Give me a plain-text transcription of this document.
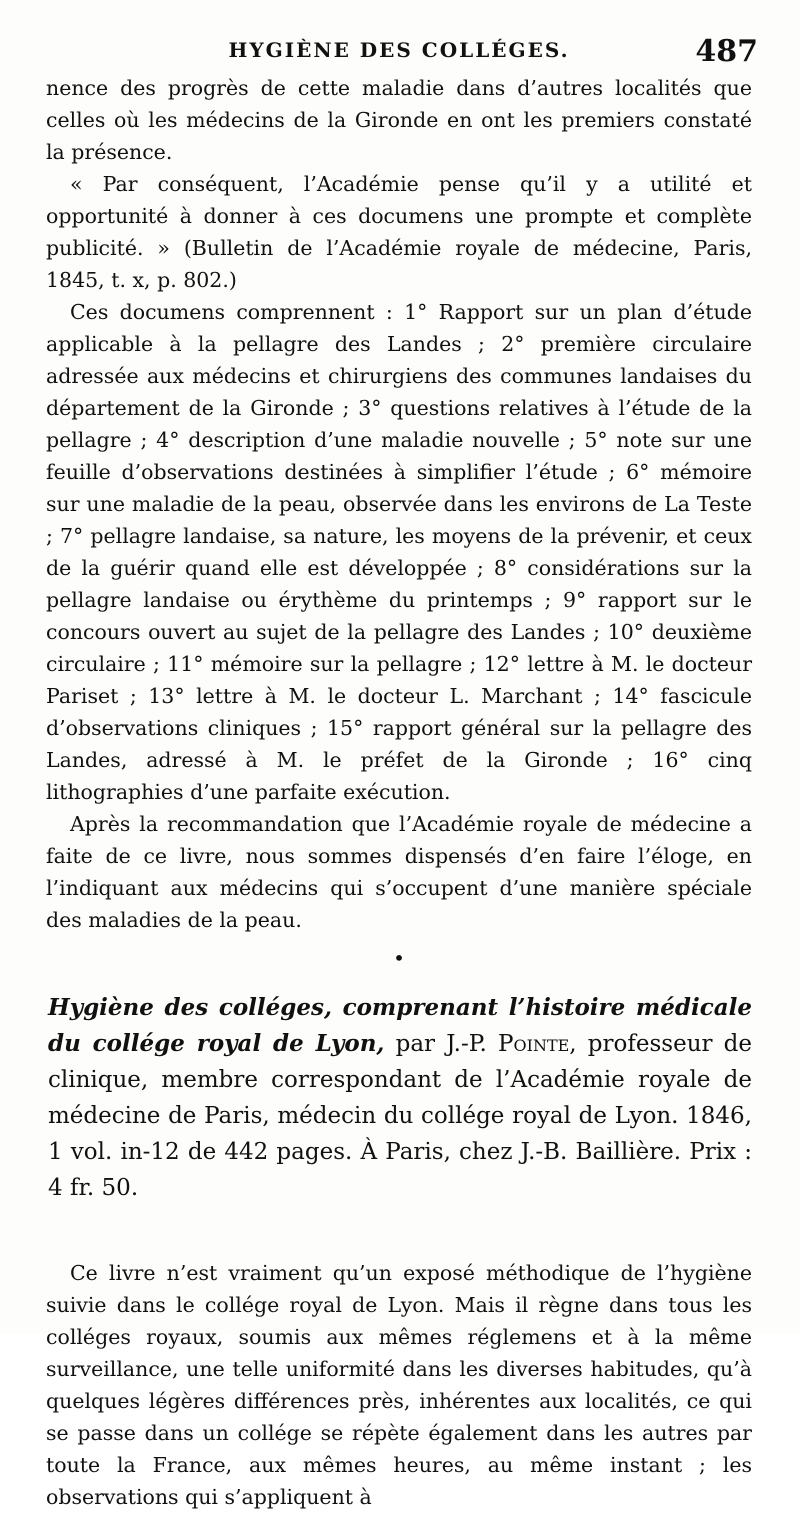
HYGIÈNE DES COLLÉGES.	487

nence des progrès de cette maladie dans d’autres localités que celles où les médecins de la Gironde en ont les premiers constaté la présence.

« Par conséquent, l’Académie pense qu’il y a utilité et opportunité à donner à ces documens une prompte et complète publicité. » (Bulletin de l’Académie royale de médecine, Paris, 1845, t. x, p. 802.)

Ces documens comprennent : 1° Rapport sur un plan d’étude applicable à la pellagre des Landes ; 2° première circulaire adressée aux médecins et chirurgiens des communes landaises du département de la Gironde ; 3° questions relatives à l’étude de la pellagre ; 4° description d’une maladie nouvelle ; 5° note sur une feuille d’observations destinées à simplifier l’étude ; 6° mémoire sur une maladie de la peau, observée dans les environs de La Teste ; 7° pellagre landaise, sa nature, les moyens de la prévenir, et ceux de la guérir quand elle est développée ; 8° considérations sur la pellagre landaise ou érythème du printemps ; 9° rapport sur le concours ouvert au sujet de la pellagre des Landes ; 10° deuxième circulaire ; 11° mémoire sur la pellagre ; 12° lettre à M. le docteur Pariset ; 13° lettre à M. le docteur L. Marchant ; 14° fascicule d’observations cliniques ; 15° rapport général sur la pellagre des Landes, adressé à M. le préfet de la Gironde ; 16° cinq lithographies d’une parfaite exécution.

Après la recommandation que l’Académie royale de médecine a faite de ce livre, nous sommes dispensés d’en faire l’éloge, en l’indiquant aux médecins qui s’occupent d’une manière spéciale des maladies de la peau.

•

Hygiène des colléges, comprenant l’histoire médicale du collége royal de Lyon, par J.-P. Pointe, professeur de clinique, membre correspondant de l’Académie royale de médecine de Paris, médecin du collége royal de Lyon. 1846, 1 vol. in-12 de 442 pages. À Paris, chez J.-B. Baillière. Prix : 4 fr. 50.

Ce livre n’est vraiment qu’un exposé méthodique de l’hygiène suivie dans le collége royal de Lyon. Mais il règne dans tous les colléges royaux, soumis aux mêmes réglemens et à la même surveillance, une telle uniformité dans les diverses habitudes, qu’à quelques légères différences près, inhérentes aux localités, ce qui se passe dans un collége se répète également dans les autres par toute la France, aux mêmes heures, au même instant ; les observations qui s’appliquent à
